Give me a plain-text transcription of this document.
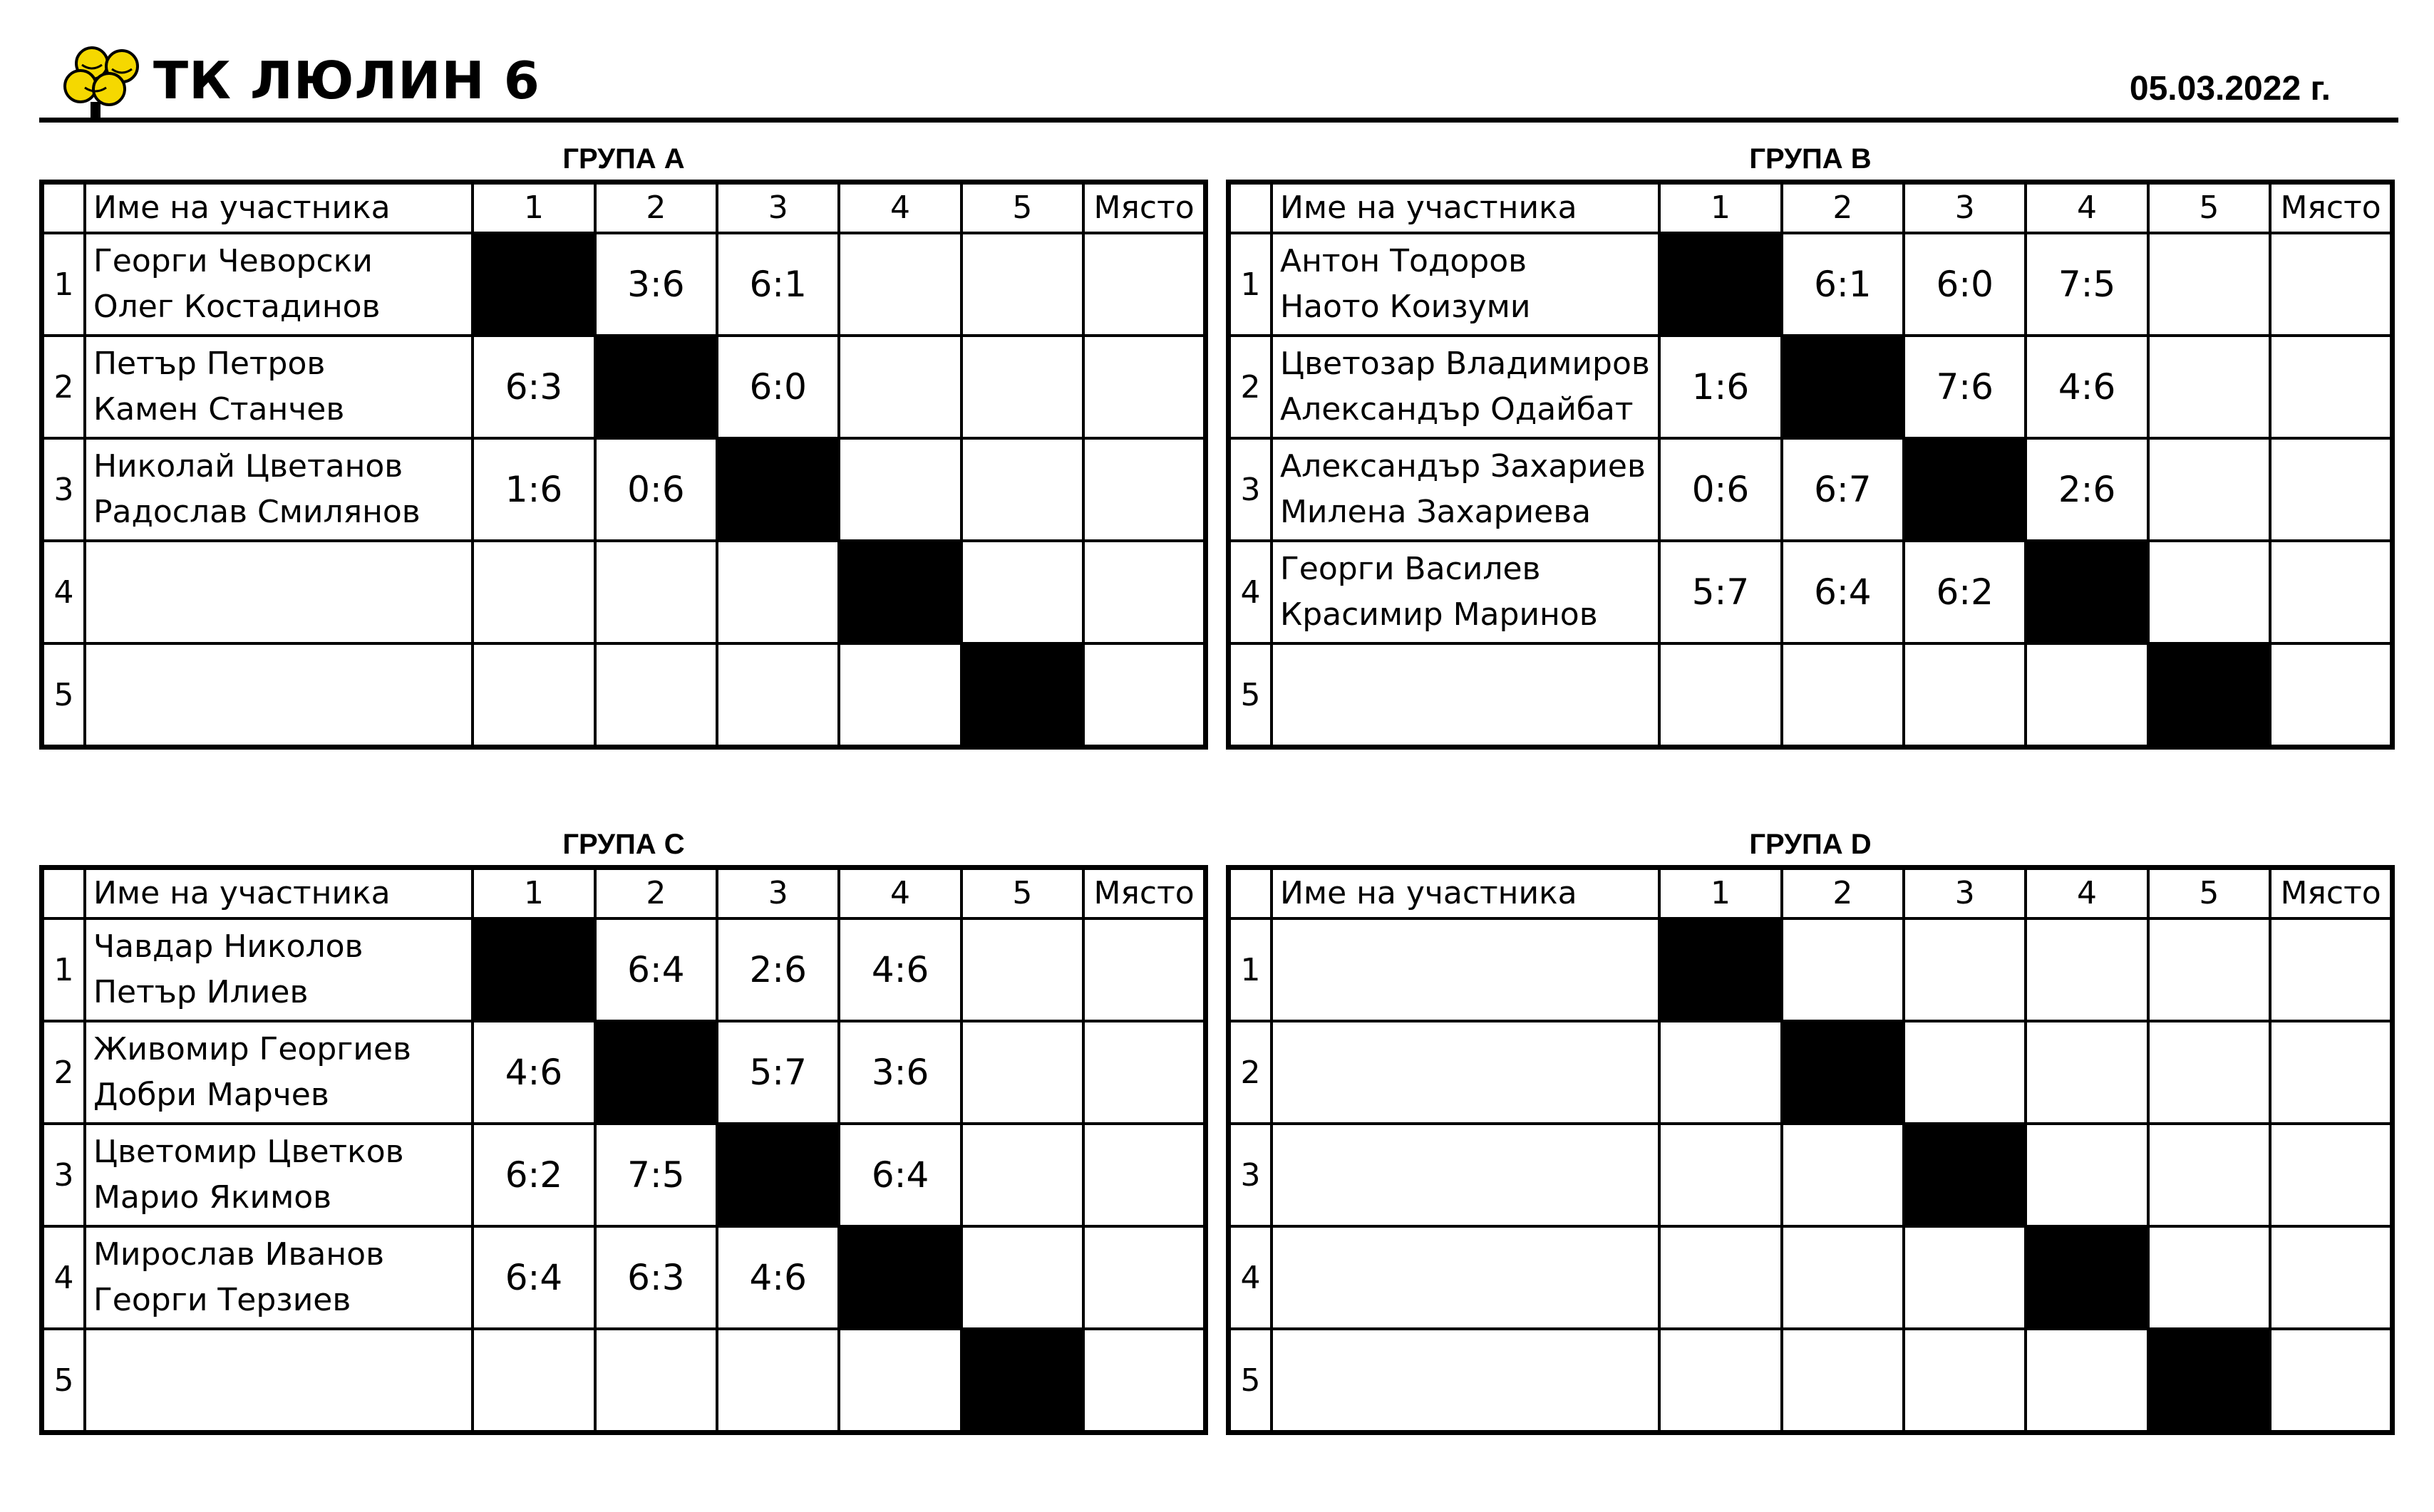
ТК ЛЮЛИН 6	05.03.2022 г.
ГРУПА А
	Име на участника	1	2	3	4	5	Място
1	Георги Чеворски
Олег Костадинов		3:6	6:1			
2	Петър Петров
Камен Станчев	6:3		6:0			
3	Николай Цветанов
Радослав Смилянов	1:6	0:6				
4	

5	

ГРУПА B
	Име на участника	1	2	3	4	5	Място
1	Антон Тодоров
Наото Коизуми		6:1	6:0	7:5		
2	Цветозар Владимиров
Александър Одайбат	1:6		7:6	4:6		
3	Александър Захариев
Милена Захариева	0:6	6:7		2:6		
4	Георги Василев
Красимир Маринов	5:7	6:4	6:2			
5	

ГРУПА C
	Име на участника	1	2	3	4	5	Място
1	Чавдар Николов
Петър Илиев		6:4	2:6	4:6		
2	Живомир Георгиев
Добри Марчев	4:6		5:7	3:6		
3	Цветомир Цветков
Марио Якимов	6:2	7:5		6:4		
4	Мирослав Иванов
Георги Терзиев	6:4	6:3	4:6			
5	

ГРУПА D
	Име на участника	1	2	3	4	5	Място
1	

2	

3	

4	

5	
